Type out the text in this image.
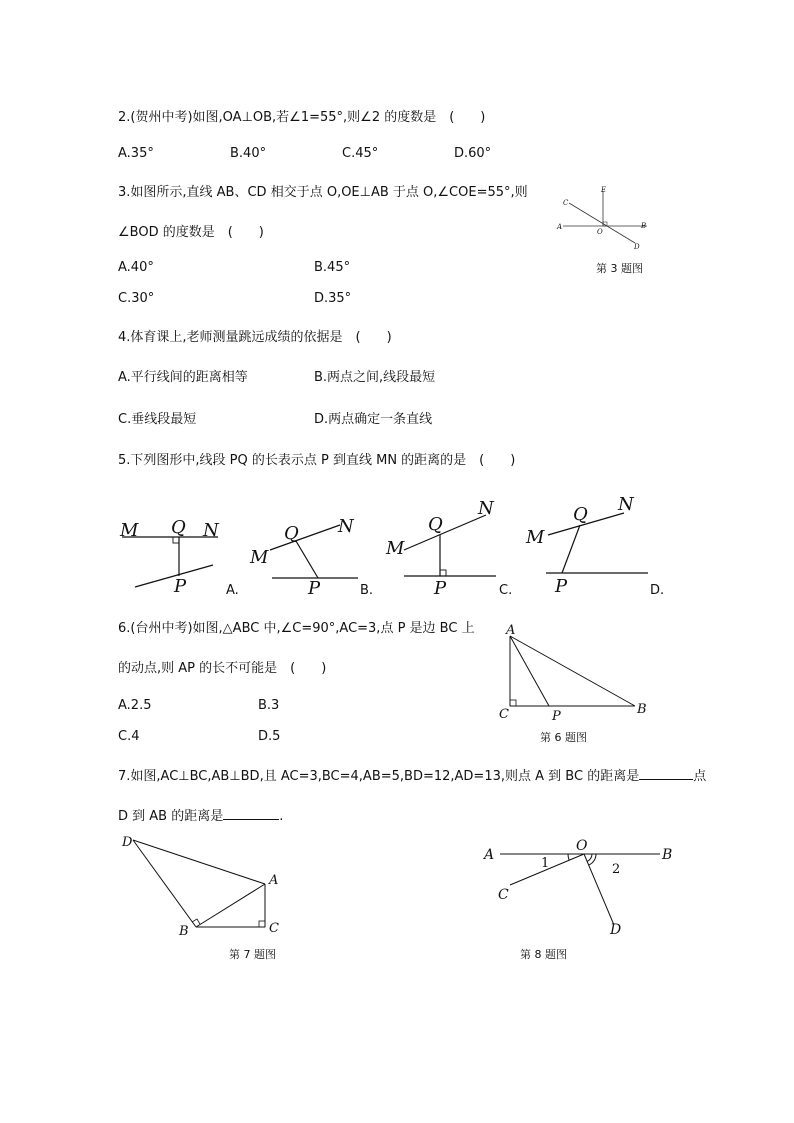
2.(贺州中考)如图,OA⊥OB,若∠1=55°,则∠2 的度数是　(　　)
A.35°	B.40°	C.45°	D.60°
3.如图所示,直线 AB、CD 相交于点 O,OE⊥AB 于点 O,∠COE=55°,则
∠BOD 的度数是　(　　)
A.40°	B.45°
C.30°	D.35°
A	B
C
D
E
O
第 3 题图
4.体育课上,老师测量跳远成绩的依据是　(　　)
A.平行线间的距离相等	B.两点之间,线段最短
C.垂线段最短	D.两点确定一条直线
5.下列图形中,线段 PQ 的长表示点 P 到直线 MN 的距离的是　(　　)
M Q N
P	A.
M
Q N
P	B.
M
Q
N
P	C.
M
Q N
P	D.
6.(台州中考)如图,△ABC 中,∠C=90°,AC=3,点 P 是边 BC 上
的动点,则 AP 的长不可能是　(　　)
A.2.5	B.3
C.4	D.5
A
B
C	P
第 6 题图
7.如图,AC⊥BC,AB⊥BD,且 AC=3,BC=4,AB=5,BD=12,AD=13,则点 A 到 BC 的距离是	点
D 到 AB 的距离是	.
D
A
B	C
第 7 题图
A	B
C
D
O
1	2
第 8 题图
